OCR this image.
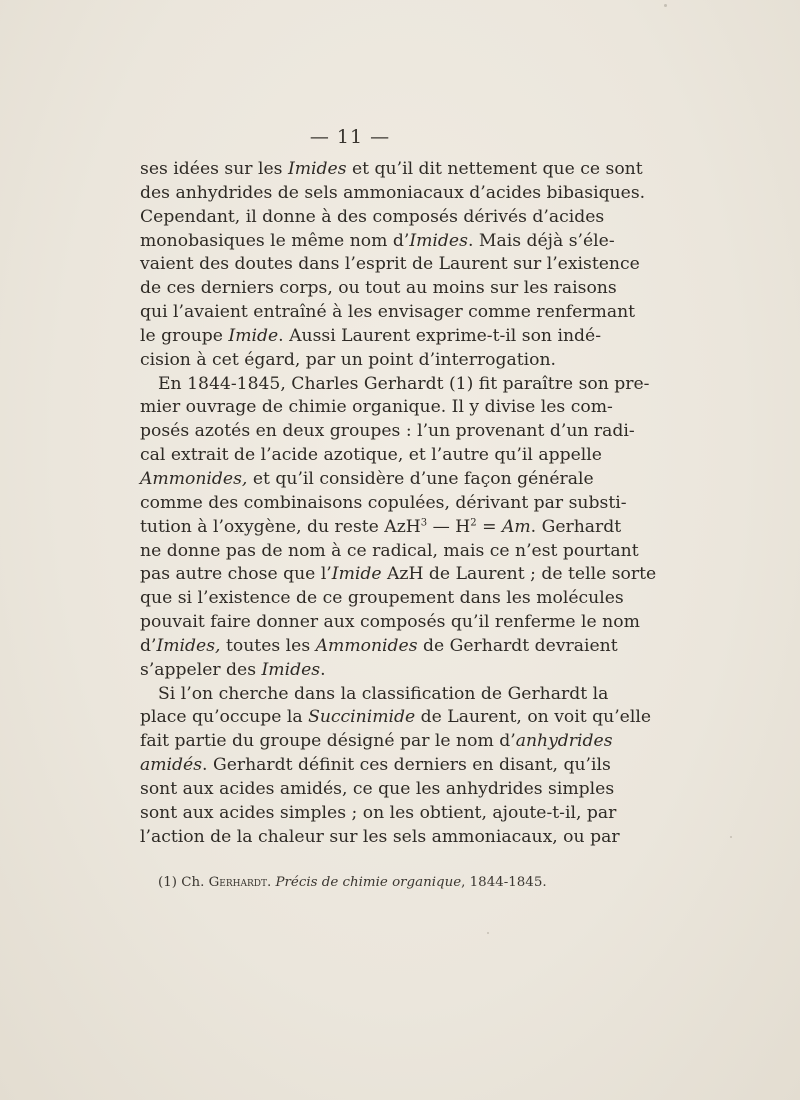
— 11 —
ses idées sur les Imides et qu’il dit nettement que ce sont
des anhydrides de sels ammoniacaux d’acides bibasiques.
Cependant, il donne à des composés dérivés d’acides
monobasiques le même nom d’Imides. Mais déjà s’éle-
vaient des doutes dans l’esprit de Laurent sur l’existence
de ces derniers corps, ou tout au moins sur les raisons
qui l’avaient entraîné à les envisager comme renfermant
le groupe Imide. Aussi Laurent exprime-t-il son indé-
cision à cet égard, par un point d’interrogation.
En 1844-1845, Charles Gerhardt (1) fit paraître son pre-
mier ouvrage de chimie organique. Il y divise les com-
posés azotés en deux groupes : l’un provenant d’un radi-
cal extrait de l’acide azotique, et l’autre qu’il appelle
Ammonides, et qu’il considère d’une façon générale
comme des combinaisons copulées, dérivant par substi-
tution à l’oxygène, du reste AzH$^3$ — $H^2 = Am$. Gerhardt
ne donne pas de nom à ce radical, mais ce n’est pourtant
pas autre chose que l’Imide AzH de Laurent ; de telle sorte
que si l’existence de ce groupement dans les molécules
pouvait faire donner aux composés qu’il renferme le nom
d’Imides, toutes les Ammonides de Gerhardt devraient
s’appeler des Imides.
Si l’on cherche dans la classification de Gerhardt la
place qu’occupe la Succinimide de Laurent, on voit qu’elle
fait partie du groupe désigné par le nom d’anhydrides
amidés. Gerhardt définit ces derniers en disant, qu’ils
sont aux acides amidés, ce que les anhydrides simples
sont aux acides simples ; on les obtient, ajoute-t-il, par
l’action de la chaleur sur les sels ammoniacaux, ou par
(1) Ch. Gerhardt. Précis de chimie organique, 1844-1845.
